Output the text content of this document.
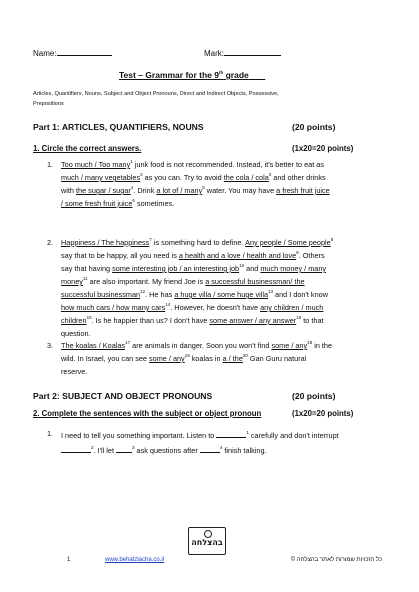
Name:	Mark:
Test – Grammar for the 9th grade
Articles, Quantifiers, Nouns, Subject and Object Pronouns, Direct and Indirect Objects, Possessive,
Prepositions
Part 1: ARTICLES, QUANTIFIERS, NOUNS	(20 points)
1. Circle the correct answers.	(1x20=20 points)
1. Too much / Too many$^1$ junk food is not recommended. Instead, it's better to eat as
much / many vegetables$^2$ as you can. Try to avoid the cola / cola$^3$ and other drinks
with the sugar / sugar$^4$. Drink a lot of / many$^5$ water. You may have a fresh fruit juice
/ some fresh fruit juice$^6$ sometimes.
2. Happiness / The happiness$^7$ is something hard to define. Any people / Some people$^8$
say that to be happy, all you need is a health and a love / health and love$^9$. Others
say that having some interesting job / an interesting job$^{10}$ and much money / many
money$^{11}$ are also important. My friend Joe is a successful businessman/ the
successful businessman$^{12}$. He has a huge villa / some huge villa$^{13}$ and I don't know
how much cars / how many cars$^{14}$. However, he doesn't have any children / much
children$^{15}$. Is he happier than us? I don't have some answer / any answer$^{16}$ to that
question.
3. The koalas / Koalas$^{17}$ are animals in danger. Soon you won't find some / any$^{18}$ in the
wild. In Israel, you can see some / any$^{19}$ koalas in a / the$^{20}$ Gan Guru natural
reserve.
Part 2: SUBJECT AND OBJECT PRONOUNS	(20 points)
2. Complete the sentences with the subject or object pronoun	(1x20=20 points)
1. I need to tell you something important. Listen to	$^1$ carefully and don't interrupt
$^2$. I'll let	$^3$ ask questions after	$^4$ finish talking.
בהצלחה
1	www.behatzlacha.co.il	כל הזכויות שמורות לאתר בהצלחה ©
